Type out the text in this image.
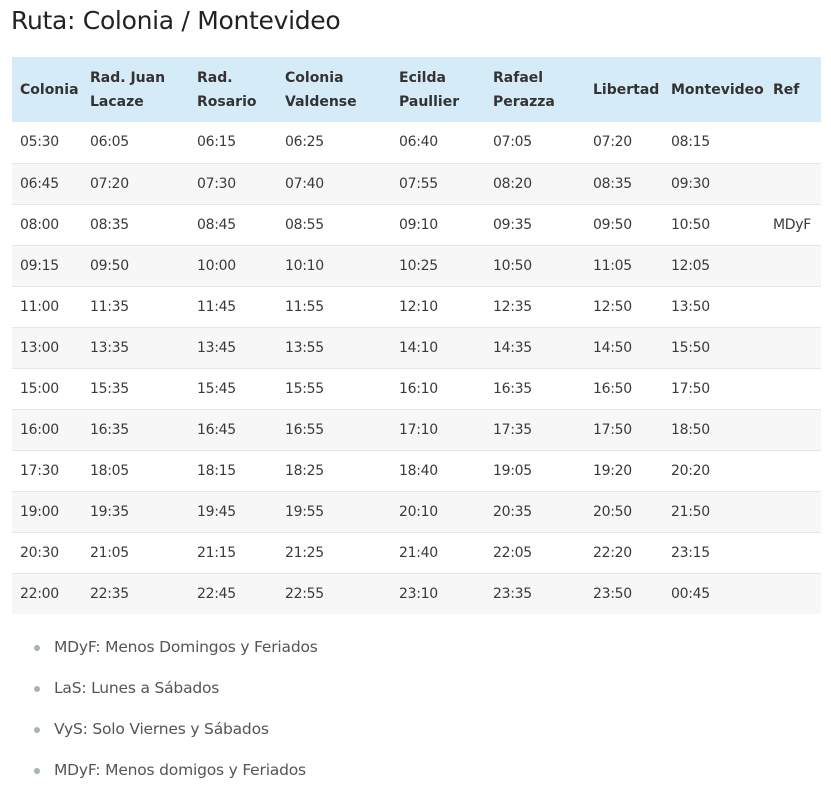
Ruta: Colonia / Montevideo
Colonia	Rad. Juan Lacaze	Rad. Rosario	Colonia Valdense	Ecilda Paullier	Rafael Perazza	Libertad	Montevideo	Ref
05:30	06:05	06:15	06:25	06:40	07:05	07:20	08:15	
06:45	07:20	07:30	07:40	07:55	08:20	08:35	09:30	
08:00	08:35	08:45	08:55	09:10	09:35	09:50	10:50	MDyF
09:15	09:50	10:00	10:10	10:25	10:50	11:05	12:05	
11:00	11:35	11:45	11:55	12:10	12:35	12:50	13:50	
13:00	13:35	13:45	13:55	14:10	14:35	14:50	15:50	
15:00	15:35	15:45	15:55	16:10	16:35	16:50	17:50	
16:00	16:35	16:45	16:55	17:10	17:35	17:50	18:50	
17:30	18:05	18:15	18:25	18:40	19:05	19:20	20:20	
19:00	19:35	19:45	19:55	20:10	20:35	20:50	21:50	
20:30	21:05	21:15	21:25	21:40	22:05	22:20	23:15	
22:00	22:35	22:45	22:55	23:10	23:35	23:50	00:45	
MDyF: Menos Domingos y Feriados
LaS: Lunes a Sábados
VyS: Solo Viernes y Sábados
MDyF: Menos domigos y Feriados
